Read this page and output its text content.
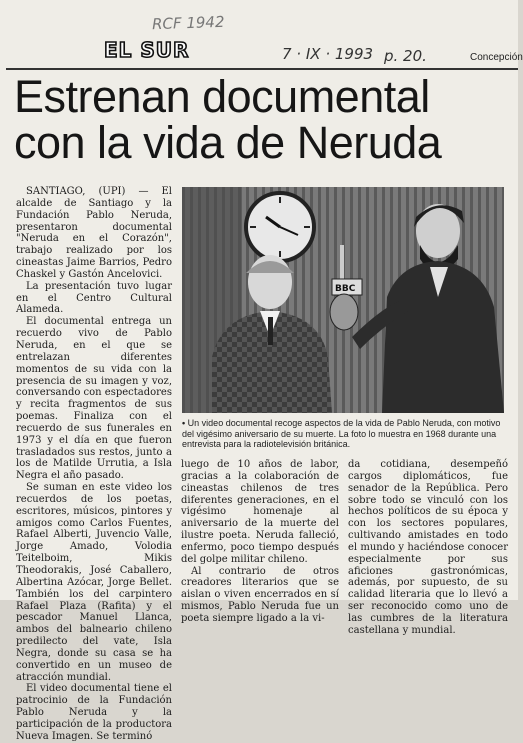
RCF 1942
EL SUR	7 · IX · 1993 p. 20.	Concepción
Estrenan documental
con la vida de Neruda

SANTIAGO, (UPI) — El alcalde de Santiago y la Fundación Pablo Neruda, presentaron documental "Neruda en el Corazón", trabajo realizado por los cineastas Jaime Barrios, Pedro Chaskel y Gastón Ancelovici.

La presentación tuvo lugar en el Centro Cultural Alameda.

El documental entrega un recuerdo vivo de Pablo Neruda, en el que se entrelazan diferentes momentos de su vida con la presencia de su imagen y voz, conversando con espectadores y recita fragmentos de sus poemas. Finaliza con el recuerdo de sus funerales en 1973 y el día en que fueron trasladados sus restos, junto a los de Matilde Urrutia, a Isla Negra el año pasado.

Se suman en este video los recuerdos de los poetas, escritores, músicos, pintores y amigos como Carlos Fuentes, Rafael Alberti, Juvencio Valle, Jorge Amado, Volodia Teitelboim, Mikis Theodorakis, José Caballero, Albertina Azócar, Jorge Bellet. También los del carpintero Rafael Plaza (Rafita) y el pescador Manuel Llanca, ambos del balneario chileno predilecto del vate, Isla Negra, donde su casa se ha convertido en un museo de atracción mundial.

El video documental tiene el patrocinio de la Fundación Pablo Neruda y la participación de la productora Nueva Imagen. Se terminó

BBC
• Un video documental recoge aspectos de la vida de Pablo Neruda, con motivo del vigésimo aniversario de su muerte. La foto lo muestra en 1968 durante una entrevista para la radiotelevisión británica.

luego de 10 años de labor, gracias a la colaboración de cineastas chilenos de tres diferentes generaciones, en el vigésimo homenaje al aniversario de la muerte del ilustre poeta. Neruda falleció, enfermo, poco tiempo después del golpe militar chileno.

Al contrario de otros creadores literarios que se aislan o viven encerrados en sí mismos, Pablo Neruda fue un poeta siempre ligado a la vi-

da cotidiana, desempeñó cargos diplomáticos, fue senador de la República. Pero sobre todo se vinculó con los hechos políticos de su época y con los sectores populares, cultivando amistades en todo el mundo y haciéndose conocer especialmente por sus aficiones gastronómicas, además, por supuesto, de su calidad literaria que lo llevó a ser reconocido como uno de las cumbres de la literatura castellana y mundial.
